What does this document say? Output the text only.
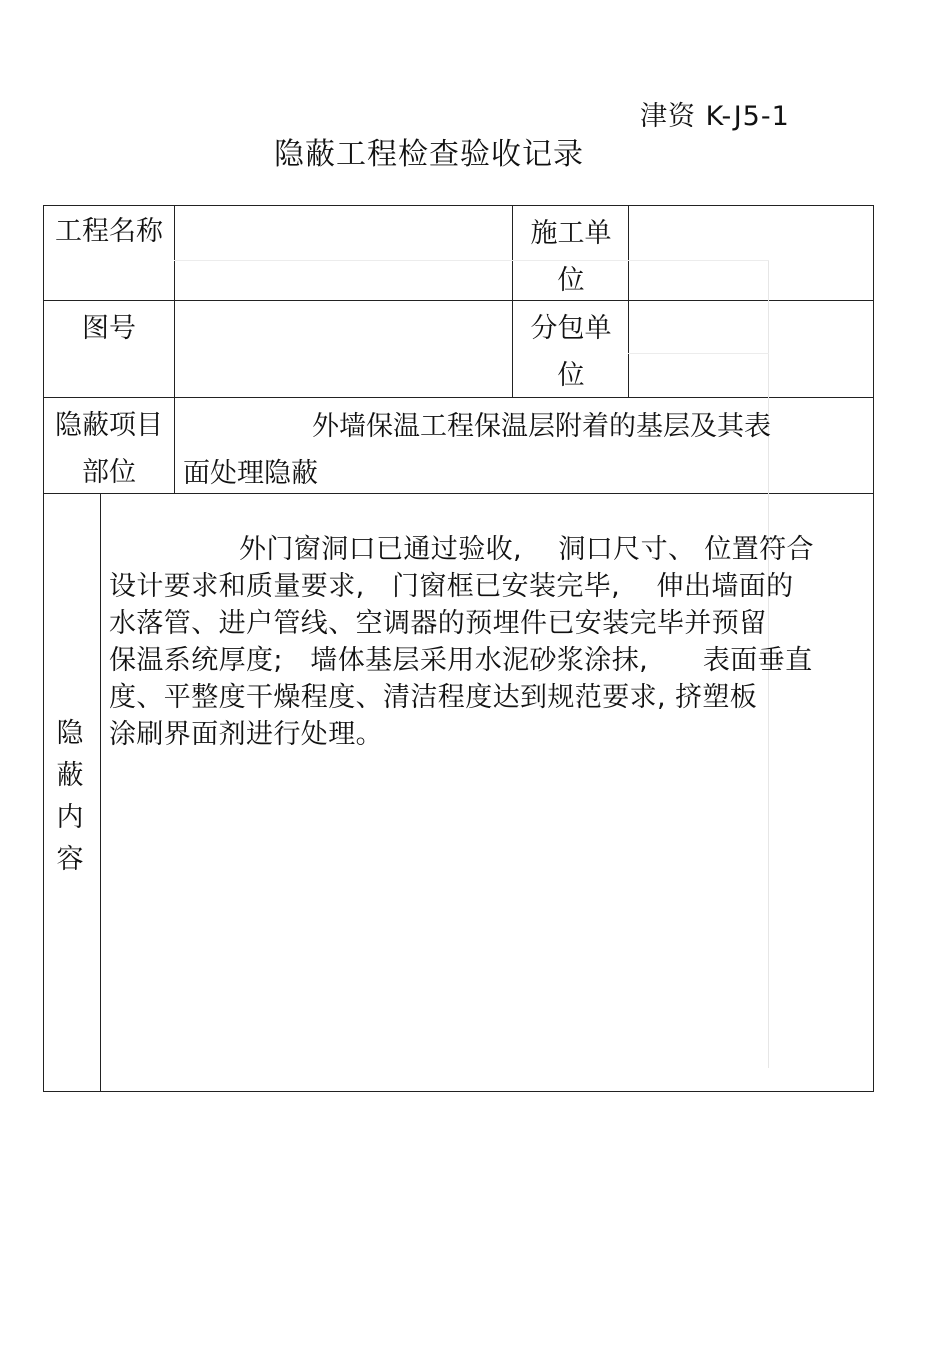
津资 K-J5-1
隐蔽工程检查验收记录
工程名称	施工单位
图号	分包单位
隐蔽项目部位
外墙保温工程保温层附着的基层及其表
面处理隐蔽
隐蔽内容
外门窗洞口已通过验收,　 洞口尺寸、 位置符合
设计要求和质量要求,　门窗框已安装完毕,　 伸出墙面的
水落管、进户管线、空调器的预埋件已安装完毕并预留
保温系统厚度;　墙体基层采用水泥砂浆涂抹,　　表面垂直
度、平整度干燥程度、清洁程度达到规范要求, 挤塑板
涂刷界面剂进行处理。
